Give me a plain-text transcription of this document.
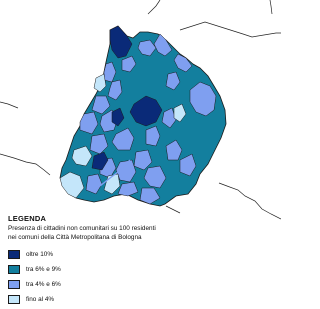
LEGENDA
Presenza di cittadini non comunitari su 100 residenti
nei comuni della Città Metropolitana di Bologna
oltre 10%
tra 6% e 9%
tra 4% e 6%
fino al 4%
